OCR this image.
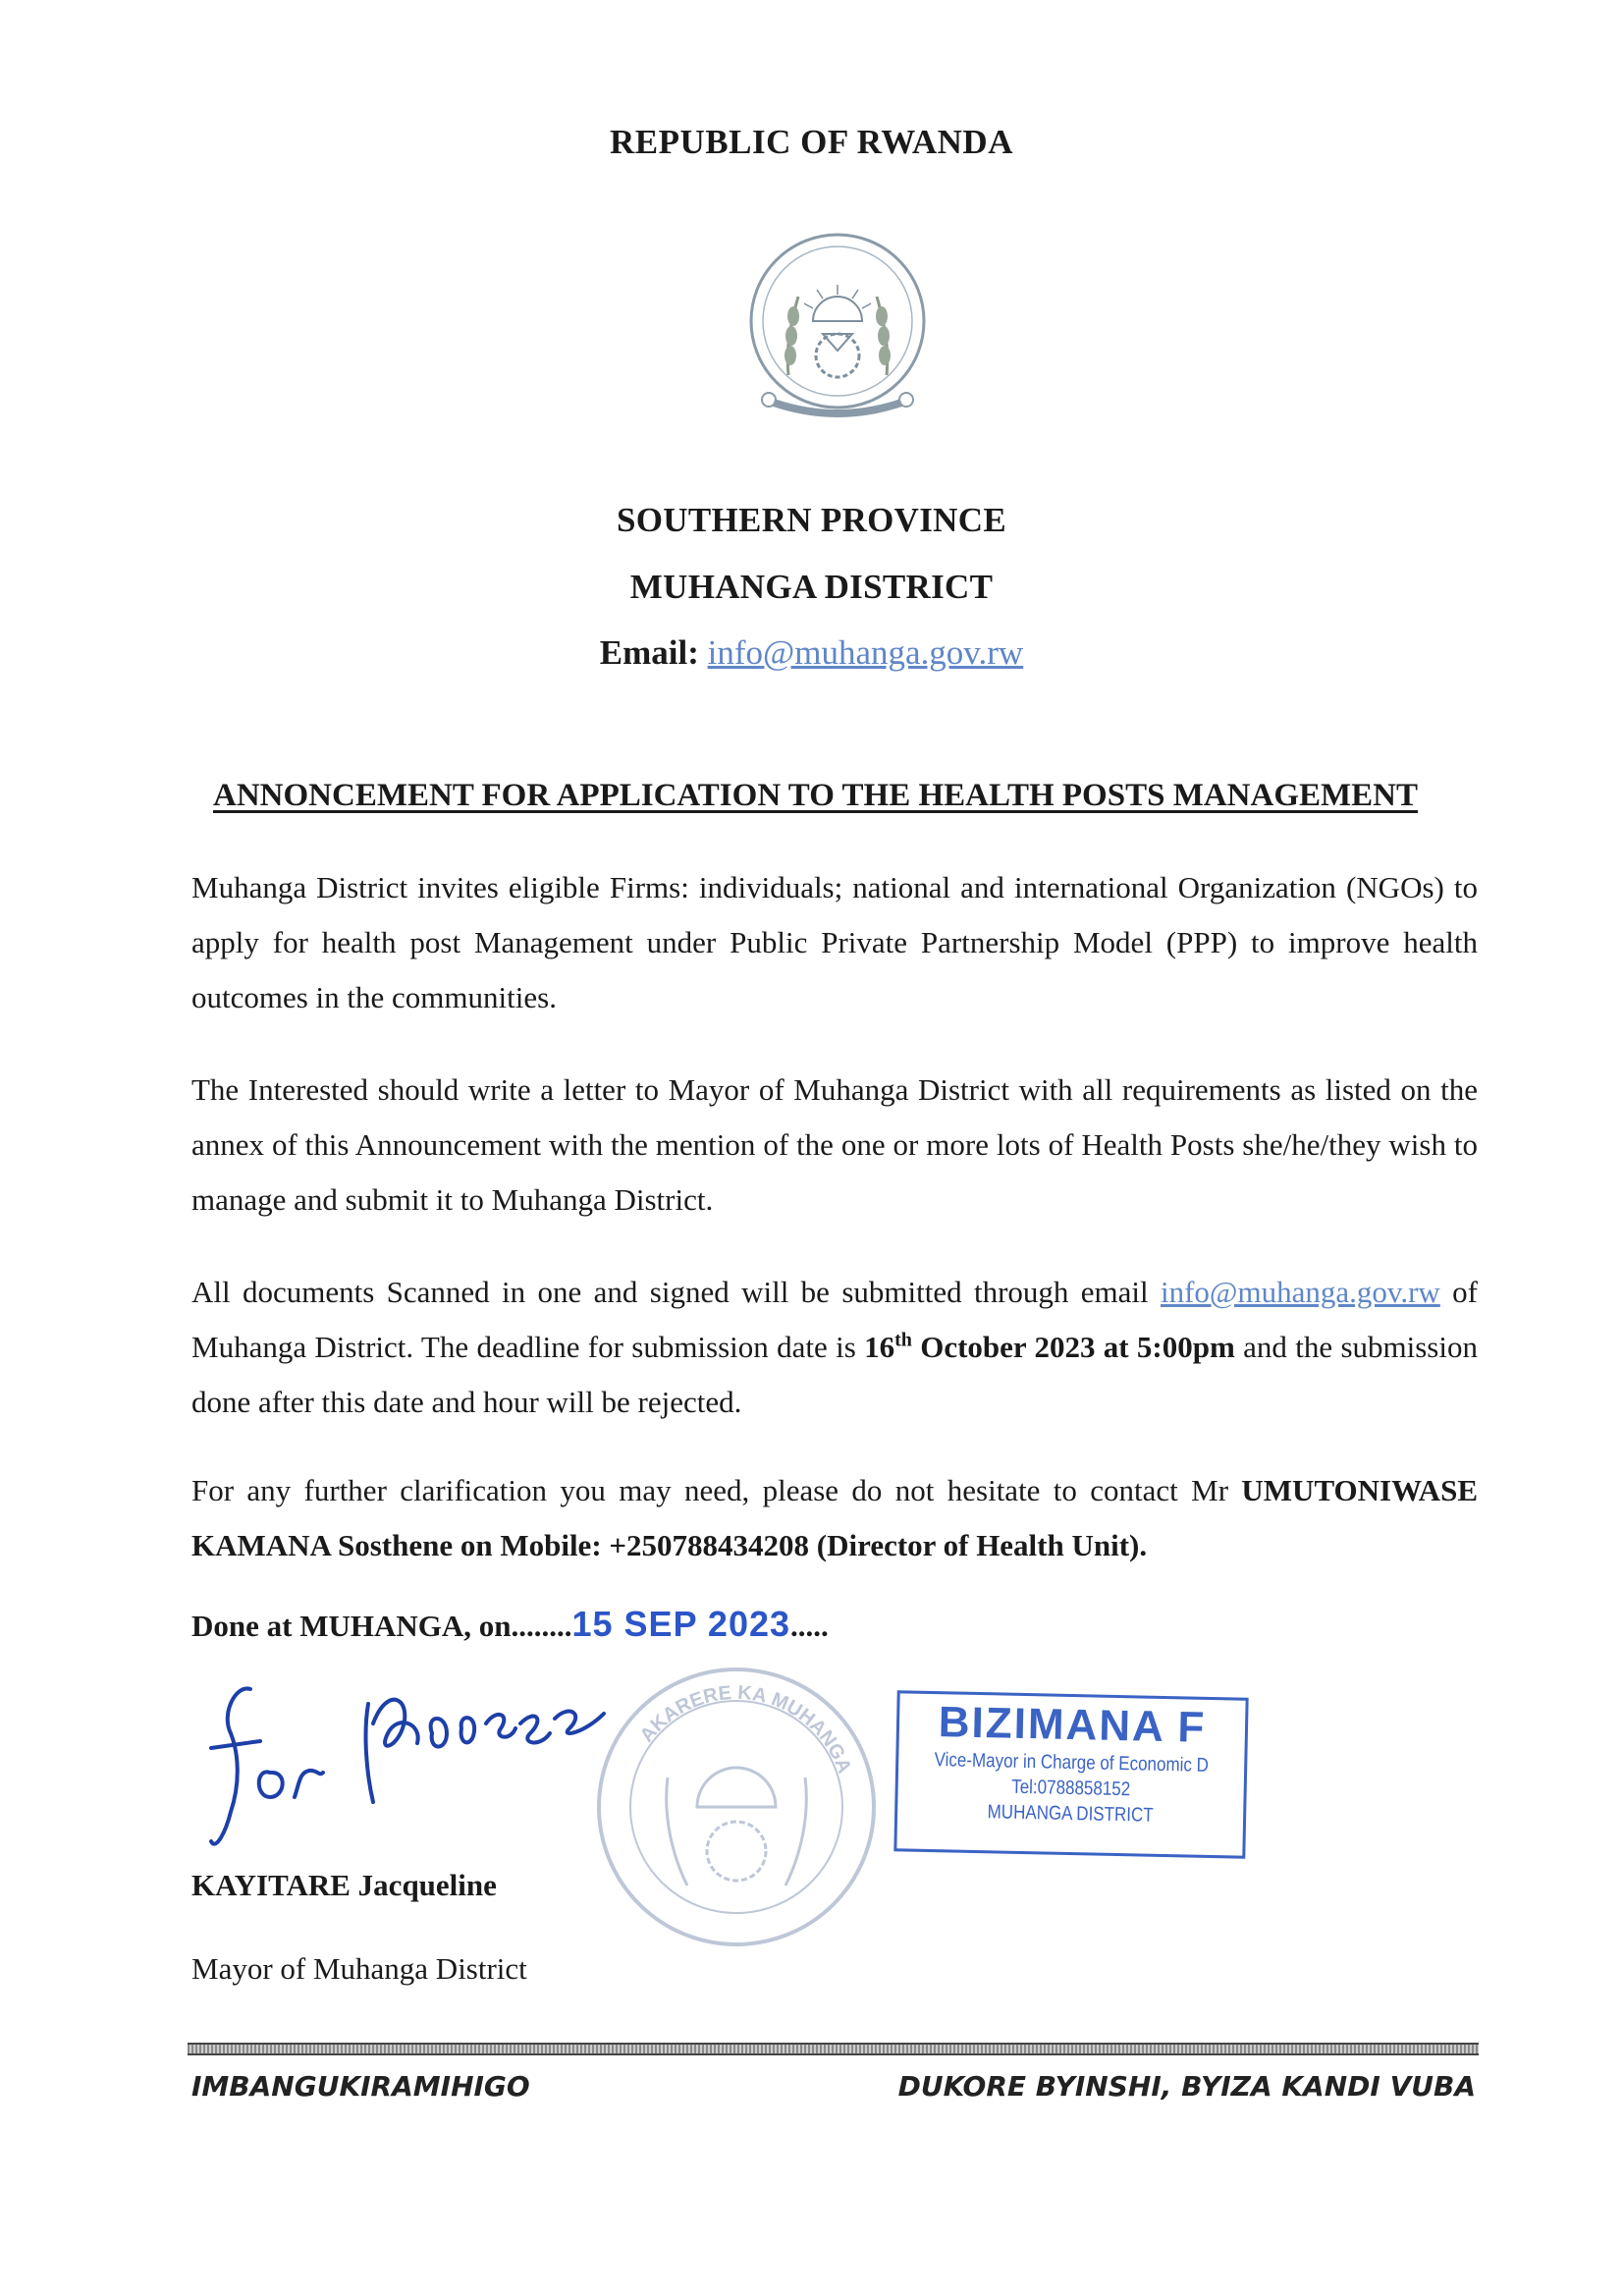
REPUBLIC OF RWANDA
SOUTHERN PROVINCE
MUHANGA DISTRICT
Email: info@muhanga.gov.rw
ANNONCEMENT FOR APPLICATION TO THE HEALTH POSTS MANAGEMENT
Muhanga District invites eligible Firms: individuals; national and international Organization (NGOs) to apply for health post Management under Public Private Partnership Model (PPP) to improve health outcomes in the communities.
The Interested should write a letter to Mayor of Muhanga District with all requirements as listed on the annex of this Announcement with the mention of the one or more lots of Health Posts she/he/they wish to manage and submit it to Muhanga District.
All documents Scanned in one and signed will be submitted through email info@muhanga.gov.rw of Muhanga District. The deadline for submission date is 16th October 2023 at 5:00pm and the submission done after this date and hour will be rejected.
For any further clarification you may need, please do not hesitate to contact Mr UMUTONIWASE KAMANA Sosthene on Mobile: +250788434208 (Director of Health Unit).
Done at MUHANGA, on........15 SEP 2023.....
AKARERE KA MUHANGA
BIZIMANA F
Vice-Mayor in Charge of Economic D
Tel:0788858152
MUHANGA DISTRICT
KAYITARE Jacqueline
Mayor of Muhanga District
IMBANGUKIRAMIHIGO	DUKORE BYINSHI, BYIZA KANDI VUBA
